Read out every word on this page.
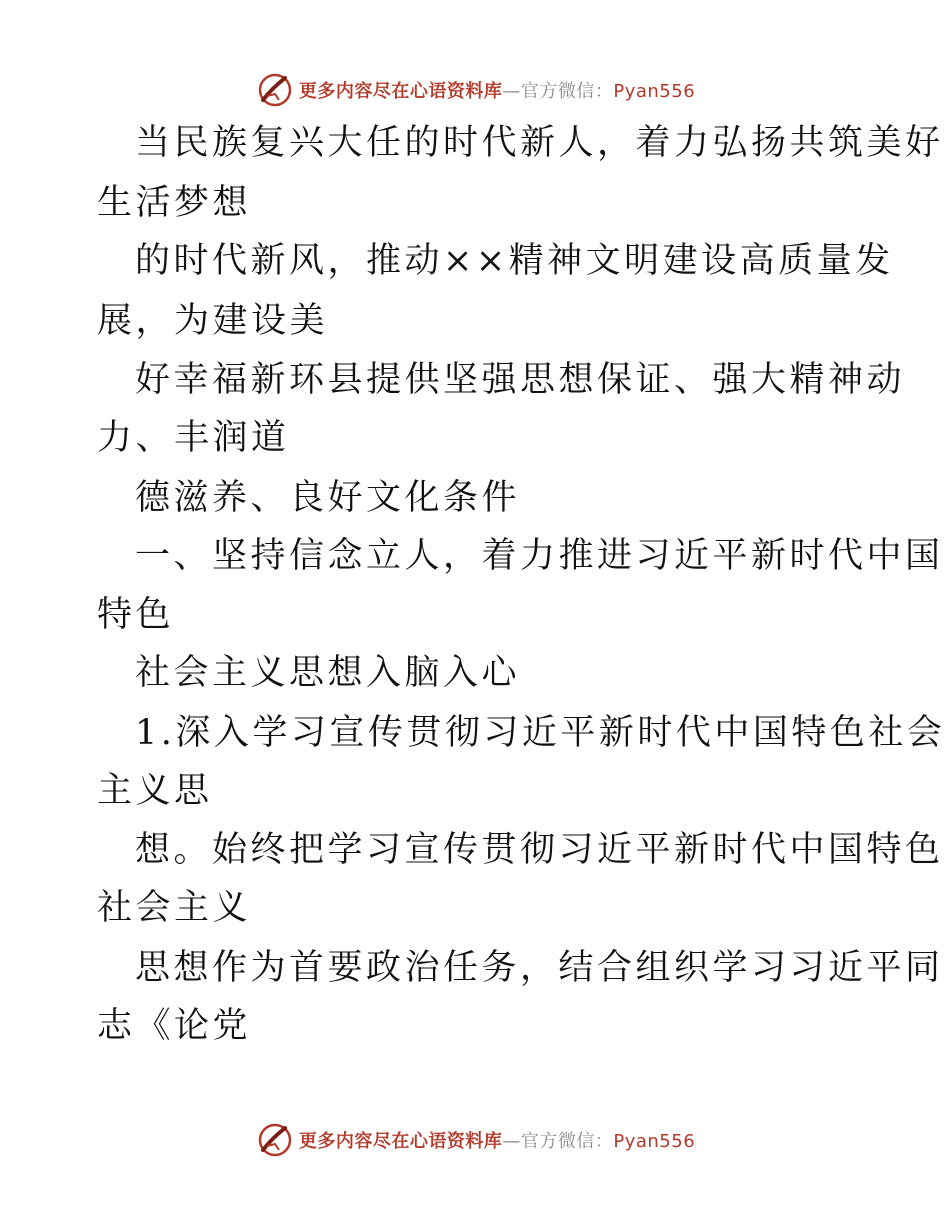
更多内容尽在心语资料库—官方微信：Pyan556
当民族复兴大任的时代新人，着力弘扬共筑美好
生活梦想
的时代新风，推动××精神文明建设高质量发
展，为建设美
好幸福新环县提供坚强思想保证、强大精神动
力、丰润道
德滋养、良好文化条件
一、坚持信念立人，着力推进习近平新时代中国
特色
社会主义思想入脑入心
1.深入学习宣传贯彻习近平新时代中国特色社会
主义思
想。始终把学习宣传贯彻习近平新时代中国特色
社会主义
思想作为首要政治任务，结合组织学习习近平同
志《论党
更多内容尽在心语资料库—官方微信：Pyan556
